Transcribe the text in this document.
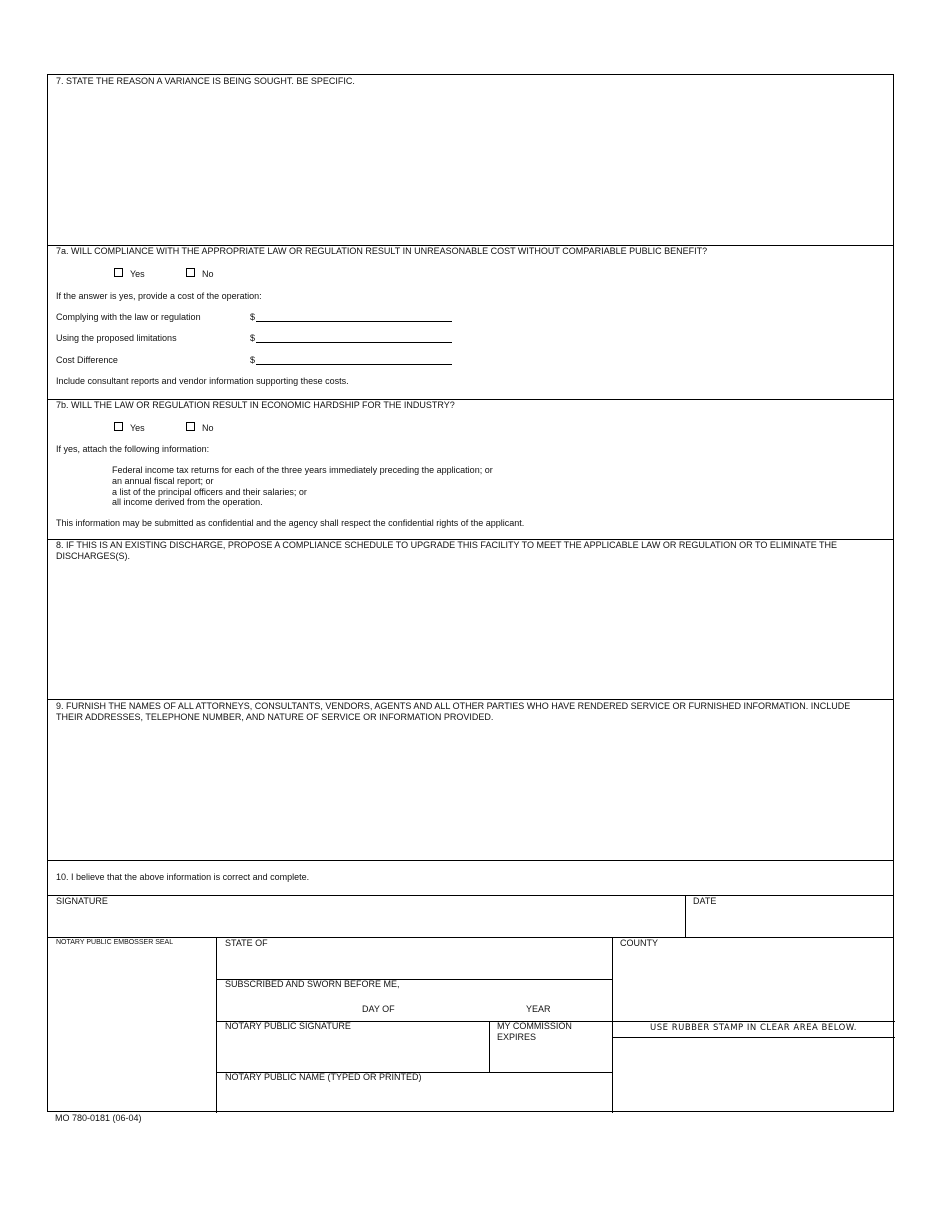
7. STATE THE REASON A VARIANCE IS BEING SOUGHT. BE SPECIFIC.
7a. WILL COMPLIANCE WITH THE APPROPRIATE LAW OR REGULATION RESULT IN UNREASONABLE COST WITHOUT COMPARIABLE PUBLIC BENEFIT?
Yes	No
If the answer is yes, provide a cost of the operation:
Complying with the law or regulation	$
Using the proposed limitations	$
Cost Difference	$
Include consultant reports and vendor information supporting these costs.
7b. WILL THE LAW OR REGULATION RESULT IN ECONOMIC HARDSHIP FOR THE INDUSTRY?
Yes	No
If yes, attach the following information:
Federal income tax returns for each of the three years immediately preceding the application; or
an annual fiscal report; or
a list of the principal officers and their salaries; or
all income derived from the operation.
This information may be submitted as confidential and the agency shall respect the confidential rights of the applicant.
8. IF THIS IS AN EXISTING DISCHARGE, PROPOSE A COMPLIANCE SCHEDULE TO UPGRADE THIS FACILITY TO MEET THE APPLICABLE LAW OR REGULATION OR TO ELIMINATE THE DISCHARGES(S).
9. FURNISH THE NAMES OF ALL ATTORNEYS, CONSULTANTS, VENDORS, AGENTS AND ALL OTHER PARTIES WHO HAVE RENDERED SERVICE OR FURNISHED INFORMATION. INCLUDE THEIR ADDRESSES, TELEPHONE NUMBER, AND NATURE OF SERVICE OR INFORMATION PROVIDED.
10. I believe that the above information is correct and complete.
SIGNATURE	DATE
NOTARY PUBLIC EMBOSSER SEAL	STATE OF	COUNTY
SUBSCRIBED AND SWORN BEFORE ME,
DAY OF	YEAR
NOTARY PUBLIC SIGNATURE	MY COMMISSION EXPIRES
NOTARY PUBLIC NAME (TYPED OR PRINTED)
USE RUBBER STAMP IN CLEAR AREA BELOW.
MO 780-0181 (06-04)
